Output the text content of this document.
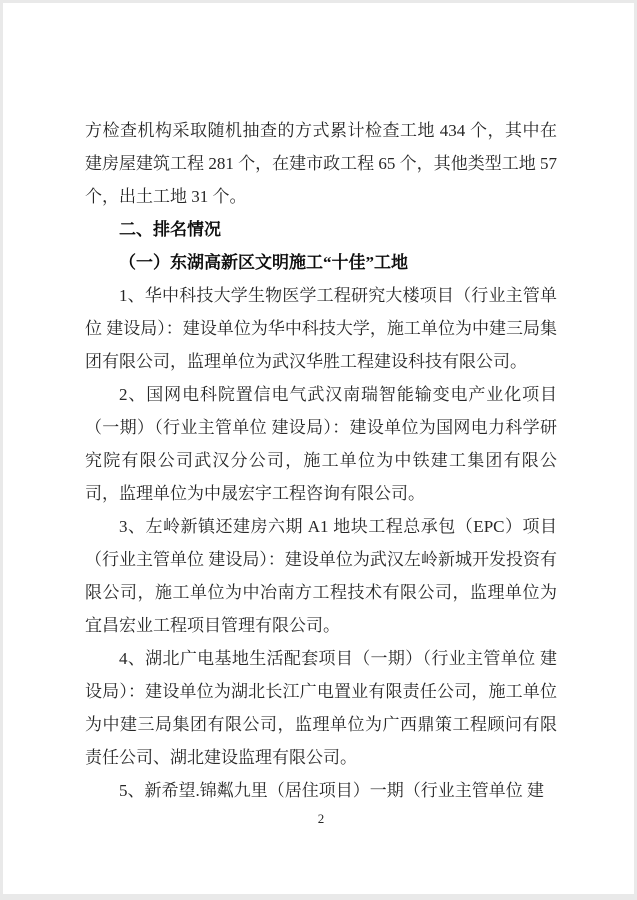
方检查机构采取随机抽查的方式累计检查工地 434 个，其中在建房屋建筑工程 281 个，在建市政工程 65 个，其他类型工地 57 个，出土工地 31 个。

二、排名情况

（一）东湖高新区文明施工“十佳”工地

1、华中科技大学生物医学工程研究大楼项目（行业主管单位 建设局）：建设单位为华中科技大学，施工单位为中建三局集团有限公司，监理单位为武汉华胜工程建设科技有限公司。

2、国网电科院置信电气武汉南瑞智能输变电产业化项目（一期）（行业主管单位 建设局）：建设单位为国网电力科学研究院有限公司武汉分公司，施工单位为中铁建工集团有限公司，监理单位为中晟宏宇工程咨询有限公司。

3、左岭新镇还建房六期 A1 地块工程总承包（EPC）项目（行业主管单位 建设局）：建设单位为武汉左岭新城开发投资有限公司，施工单位为中冶南方工程技术有限公司，监理单位为宜昌宏业工程项目管理有限公司。

4、湖北广电基地生活配套项目（一期）（行业主管单位 建设局）：建设单位为湖北长江广电置业有限责任公司，施工单位为中建三局集团有限公司，监理单位为广西鼎策工程顾问有限责任公司、湖北建设监理有限公司。

5、新希望.锦粼九里（居住项目）一期（行业主管单位 建

2
